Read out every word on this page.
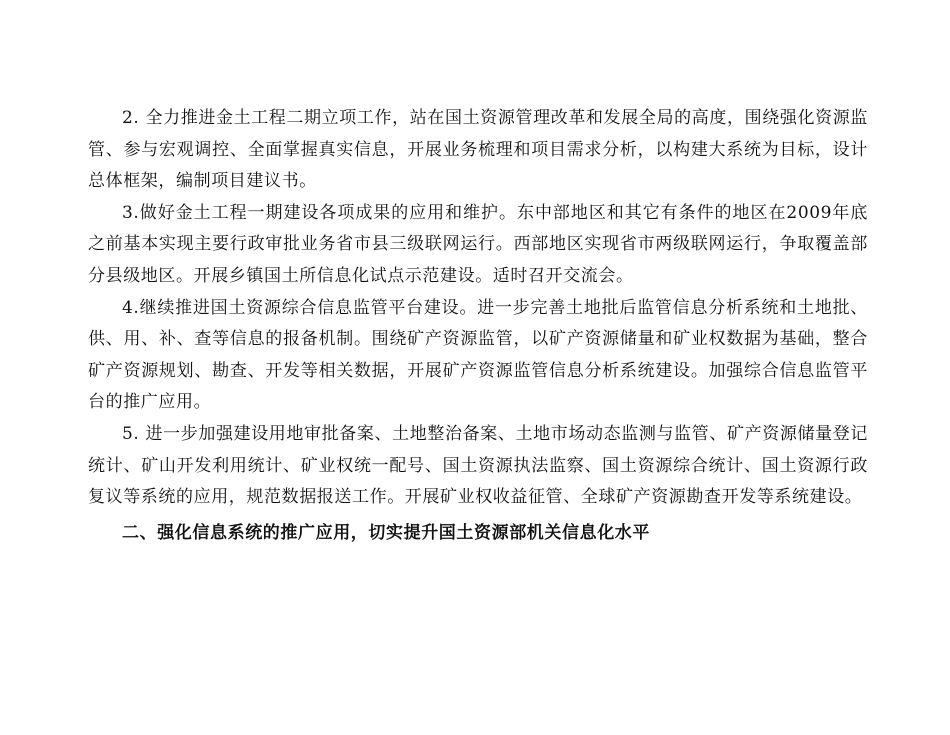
2. 全力推进金土工程二期立项工作，站在国土资源管理改革和发展全局的高度，围绕强化资源监管、参与宏观调控、全面掌握真实信息，开展业务梳理和项目需求分析，以构建大系统为目标，设计总体框架，编制项目建议书。

3.做好金土工程一期建设各项成果的应用和维护。东中部地区和其它有条件的地区在2009年底之前基本实现主要行政审批业务省市县三级联网运行。西部地区实现省市两级联网运行，争取覆盖部分县级地区。开展乡镇国土所信息化试点示范建设。适时召开交流会。

4.继续推进国土资源综合信息监管平台建设。进一步完善土地批后监管信息分析系统和土地批、供、用、补、查等信息的报备机制。围绕矿产资源监管，以矿产资源储量和矿业权数据为基础，整合矿产资源规划、勘查、开发等相关数据，开展矿产资源监管信息分析系统建设。加强综合信息监管平台的推广应用。

5. 进一步加强建设用地审批备案、土地整治备案、土地市场动态监测与监管、矿产资源储量登记统计、矿山开发利用统计、矿业权统一配号、国土资源执法监察、国土资源综合统计、国土资源行政复议等系统的应用，规范数据报送工作。开展矿业权收益征管、全球矿产资源勘查开发等系统建设。

二、强化信息系统的推广应用，切实提升国土资源部机关信息化水平
